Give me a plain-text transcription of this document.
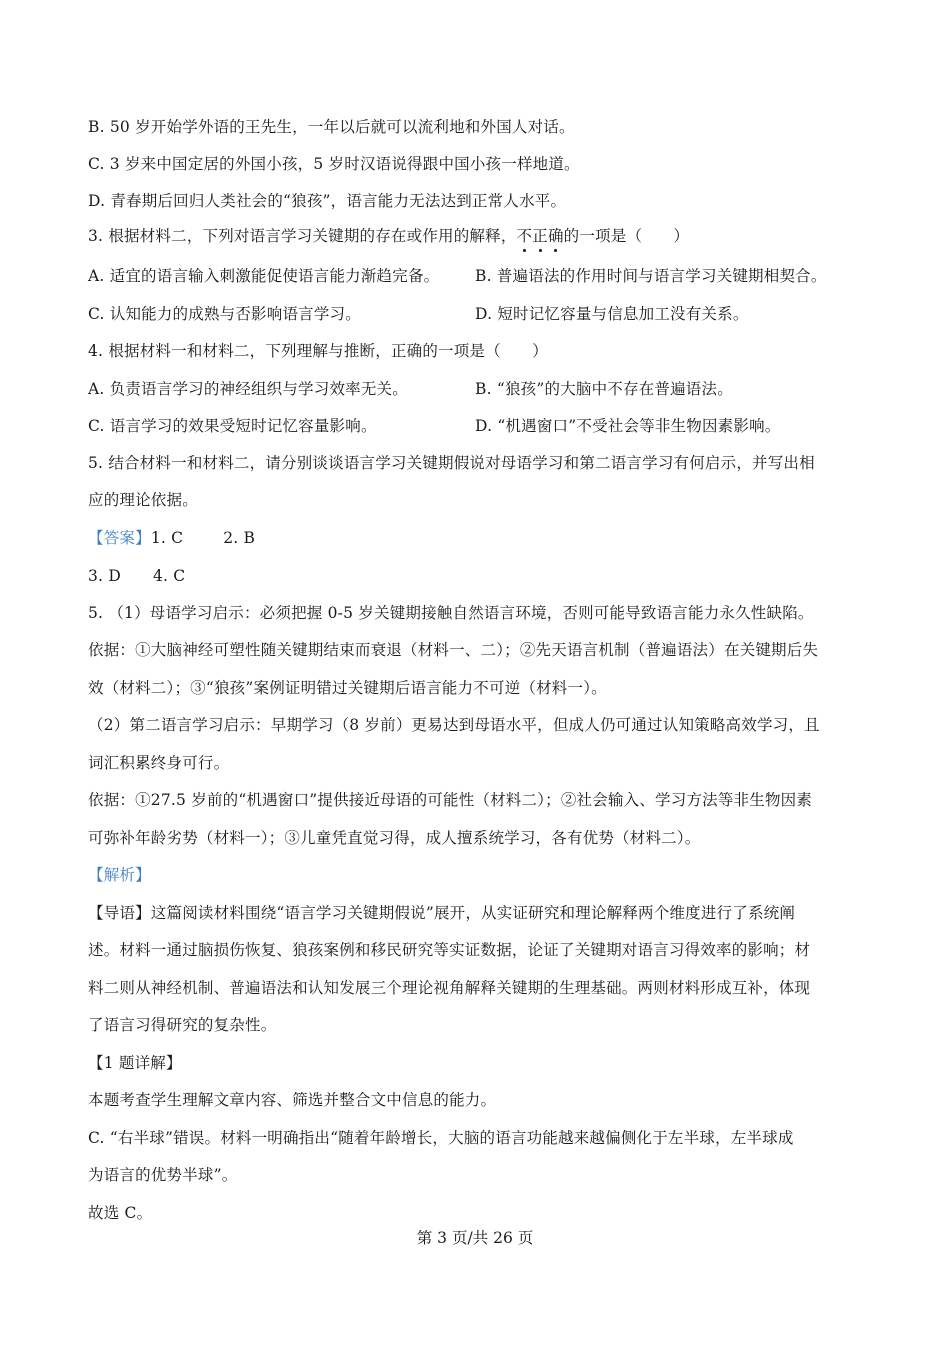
B. 50 岁开始学外语的王先生，一年以后就可以流利地和外国人对话。
C. 3 岁来中国定居的外国小孩，5 岁时汉语说得跟中国小孩一样地道。
D. 青春期后回归人类社会的“狼孩”，语言能力无法达到正常人水平。
3. 根据材料二，下列对语言学习关键期的存在或作用的解释，不正确的一项是（　　）
A. 适宜的语言输入刺激能促使语言能力渐趋完备。 B. 普遍语法的作用时间与语言学习关键期相契合。
C. 认知能力的成熟与否影响语言学习。	D. 短时记忆容量与信息加工没有关系。
4. 根据材料一和材料二，下列理解与推断，正确的一项是（　　）
A. 负责语言学习的神经组织与学习效率无关。	B. “狼孩”的大脑中不存在普遍语法。
C. 语言学习的效果受短时记忆容量影响。	D. “机遇窗口”不受社会等非生物因素影响。
5. 结合材料一和材料二，请分别谈谈语言学习关键期假说对母语学习和第二语言学习有何启示，并写出相
应的理论依据。
【答案】1. C	2. B
3. D 4. C
5. （1）母语学习启示：必须把握 0-5 岁关键期接触自然语言环境，否则可能导致语言能力永久性缺陷。
依据：①大脑神经可塑性随关键期结束而衰退（材料一、二）；②先天语言机制（普遍语法）在关键期后失
效（材料二）；③“狼孩”案例证明错过关键期后语言能力不可逆（材料一）。
（2）第二语言学习启示：早期学习（8 岁前）更易达到母语水平，但成人仍可通过认知策略高效学习，且
词汇积累终身可行。
依据：①27.5 岁前的“机遇窗口”提供接近母语的可能性（材料二）；②社会输入、学习方法等非生物因素
可弥补年龄劣势（材料一）；③儿童凭直觉习得，成人擅系统学习，各有优势（材料二）。
【解析】
【导语】这篇阅读材料围绕“语言学习关键期假说”展开，从实证研究和理论解释两个维度进行了系统阐
述。材料一通过脑损伤恢复、狼孩案例和移民研究等实证数据，论证了关键期对语言习得效率的影响；材
料二则从神经机制、普遍语法和认知发展三个理论视角解释关键期的生理基础。两则材料形成互补，体现
了语言习得研究的复杂性。
【1 题详解】
本题考查学生理解文章内容、筛选并整合文中信息的能力。
C. “右半球”错误。材料一明确指出“随着年龄增长，大脑的语言功能越来越偏侧化于左半球，左半球成
为语言的优势半球”。
故选 C。
第 3 页/共 26 页
